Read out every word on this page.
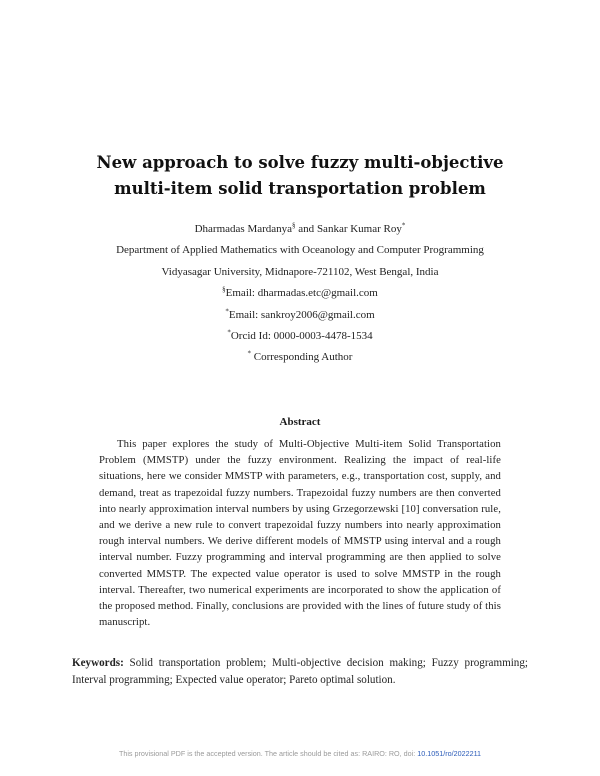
New approach to solve fuzzy multi-objective
multi-item solid transportation problem
Dharmadas Mardanya§ and Sankar Kumar Roy*
Department of Applied Mathematics with Oceanology and Computer Programming
Vidyasagar University, Midnapore-721102, West Bengal, India
§Email: dharmadas.etc@gmail.com
*Email: sankroy2006@gmail.com
*Orcid Id: 0000-0003-4478-1534
* Corresponding Author
Abstract

This paper explores the study of Multi-Objective Multi-item Solid Transportation Problem (MMSTP) under the fuzzy environment. Realizing the impact of real-life situations, here we consider MMSTP with parameters, e.g., transportation cost, supply, and demand, treat as trapezoidal fuzzy numbers. Trapezoidal fuzzy numbers are then converted into nearly approximation interval numbers by using Grzegorzewski [10] conversation rule, and we derive a new rule to convert trapezoidal fuzzy numbers into nearly approximation rough interval numbers. We derive different models of MMSTP using interval and a rough interval number. Fuzzy programming and interval programming are then applied to solve converted MMSTP. The expected value operator is used to solve MMSTP in the rough interval. Thereafter, two numerical experiments are incorporated to show the application of the proposed method. Finally, conclusions are provided with the lines of future study of this manuscript.

Keywords: Solid transportation problem; Multi-objective decision making; Fuzzy programming; Interval programming; Expected value operator; Pareto optimal solution.

This provisional PDF is the accepted version. The article should be cited as: RAIRO: RO, doi: 10.1051/ro/2022211
